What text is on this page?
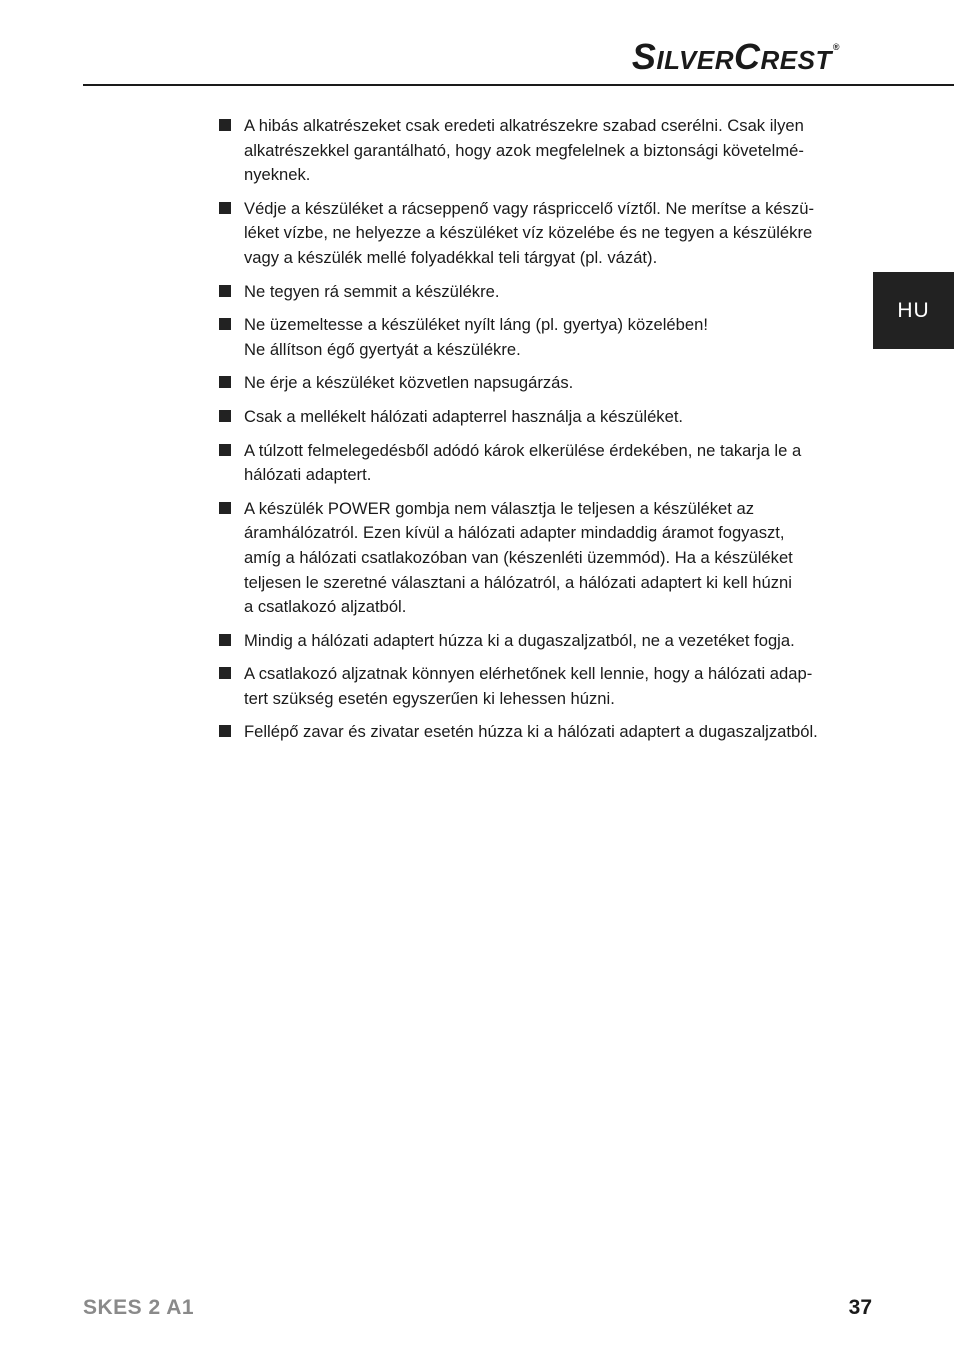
SILVERCREST®
HU
A hibás alkatrészeket csak eredeti alkatrészekre szabad cserélni. Csak ilyen
alkatrészekkel garantálható, hogy azok megfelelnek a biztonsági követelmé-
nyeknek.
Védje a készüléket a rácseppenő vagy ráspriccelő víztől. Ne merítse a készü-
léket vízbe, ne helyezze a készüléket víz közelébe és ne tegyen a készülékre
vagy a készülék mellé folyadékkal teli tárgyat (pl. vázát).
Ne tegyen rá semmit a készülékre.
Ne üzemeltesse a készüléket nyílt láng (pl. gyertya) közelében!
Ne állítson égő gyertyát a készülékre.
Ne érje a készüléket közvetlen napsugárzás.
Csak a mellékelt hálózati adapterrel használja a készüléket.
A túlzott felmelegedésből adódó károk elkerülése érdekében, ne takarja le a
hálózati adaptert.
A készülék POWER gombja nem választja le teljesen a készüléket az
áramhálózatról. Ezen kívül a hálózati adapter mindaddig áramot fogyaszt,
amíg a hálózati csatlakozóban van (készenléti üzemmód). Ha a készüléket
teljesen le szeretné választani a hálózatról, a hálózati adaptert ki kell húzni
a csatlakozó aljzatból.
Mindig a hálózati adaptert húzza ki a dugaszaljzatból, ne a vezetéket fogja.
A csatlakozó aljzatnak könnyen elérhetőnek kell lennie, hogy a hálózati adap-
tert szükség esetén egyszerűen ki lehessen húzni.
Fellépő zavar és zivatar esetén húzza ki a hálózati adaptert a dugaszaljzatból.
SKES 2 A1	37
